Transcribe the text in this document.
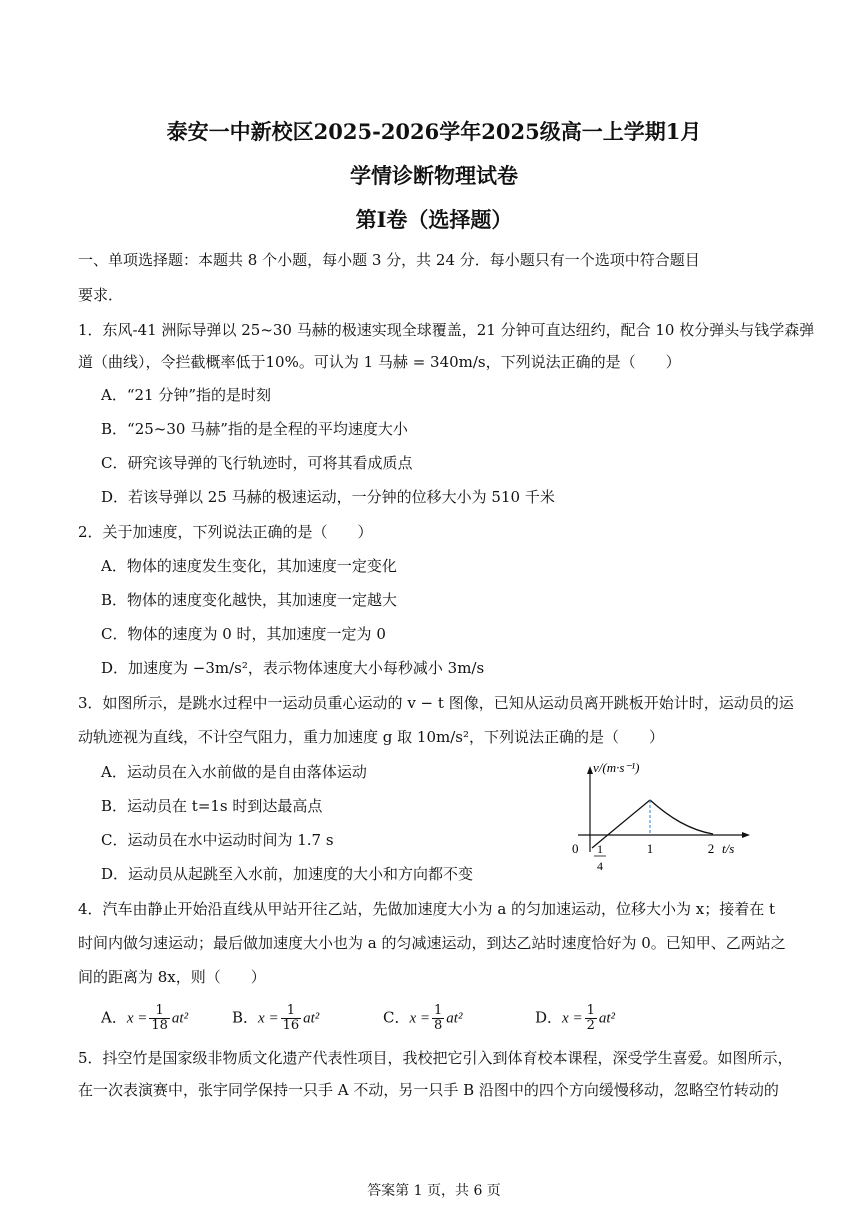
泰安一中新校区2025-2026学年2025级高一上学期1月
学情诊断物理试卷
第I卷（选择题）
一、单项选择题：本题共 8 个小题，每小题 3 分，共 24 分．每小题只有一个选项中符合题目
要求．
1．东风-41 洲际导弹以 25~30 马赫的极速实现全球覆盖，21 分钟可直达纽约，配合 10 枚分弹头与钱学森弹
道（曲线），令拦截概率低于10%。可认为 1 马赫 = 340m/s，下列说法正确的是（　　）
A．“21 分钟”指的是时刻
B．“25~30 马赫”指的是全程的平均速度大小
C．研究该导弹的飞行轨迹时，可将其看成质点
D．若该导弹以 25 马赫的极速运动，一分钟的位移大小为 510 千米
2．关于加速度，下列说法正确的是（　　）
A．物体的速度发生变化，其加速度一定变化
B．物体的速度变化越快，其加速度一定越大
C．物体的速度为 0 时，其加速度一定为 0
D．加速度为 −3m/s²，表示物体速度大小每秒减小 3m/s
3．如图所示，是跳水过程中一运动员重心运动的 v − t 图像，已知从运动员离开跳板开始计时，运动员的运
动轨迹视为直线，不计空气阻力，重力加速度 g 取 10m/s²，下列说法正确的是（　　）
A．运动员在入水前做的是自由落体运动
B．运动员在 t=1s 时到达最高点
C．运动员在水中运动时间为 1.7 s
D．运动员从起跳至入水前，加速度的大小和方向都不变
v/(m·s⁻¹)
0 1
4
1	2 t/s
4．汽车由静止开始沿直线从甲站开往乙站，先做加速度大小为 a 的匀加速运动，位移大小为 x；接着在 t
时间内做匀速运动；最后做加速度大小也为 a 的匀减速运动，到达乙站时速度恰好为 0。已知甲、乙两站之
间的距离为 8x，则（　　）
A．$x = \frac{1}{18} at^2$	B．$x = \frac{1}{16} at^2$	C．$x = \frac{1}{8} at^2$	D．$x = \frac{1}{2} at^2$
5．抖空竹是国家级非物质文化遗产代表性项目，我校把它引入到体育校本课程，深受学生喜爱。如图所示，
在一次表演赛中，张宇同学保持一只手 A 不动，另一只手 B 沿图中的四个方向缓慢移动，忽略空竹转动的
答案第 1 页，共 6 页
